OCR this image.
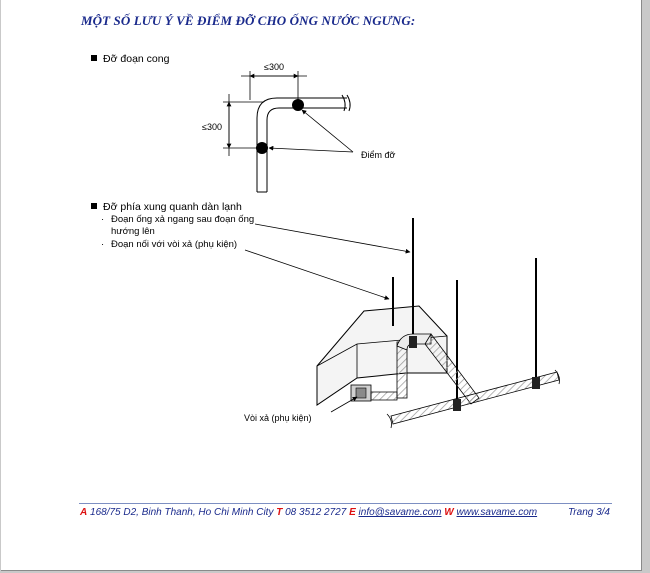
MỘT SỐ LƯU Ý VỀ ĐIỂM ĐỠ CHO ỐNG NƯỚC NGƯNG:
Đỡ đoạn cong
Đỡ phía xung quanh dàn lạnh
· Đoạn ống xả ngang sau đoạn ống
hướng lên
· Đoạn nối với vòi xả (phụ kiện)
≤300
≤300
Điểm đỡ
Vòi xả (phụ kiện)
A 168/75 D2, Binh Thanh, Ho Chi Minh City T 08 3512 2727 E info@savame.com W www.savame.com	Trang 3/4
